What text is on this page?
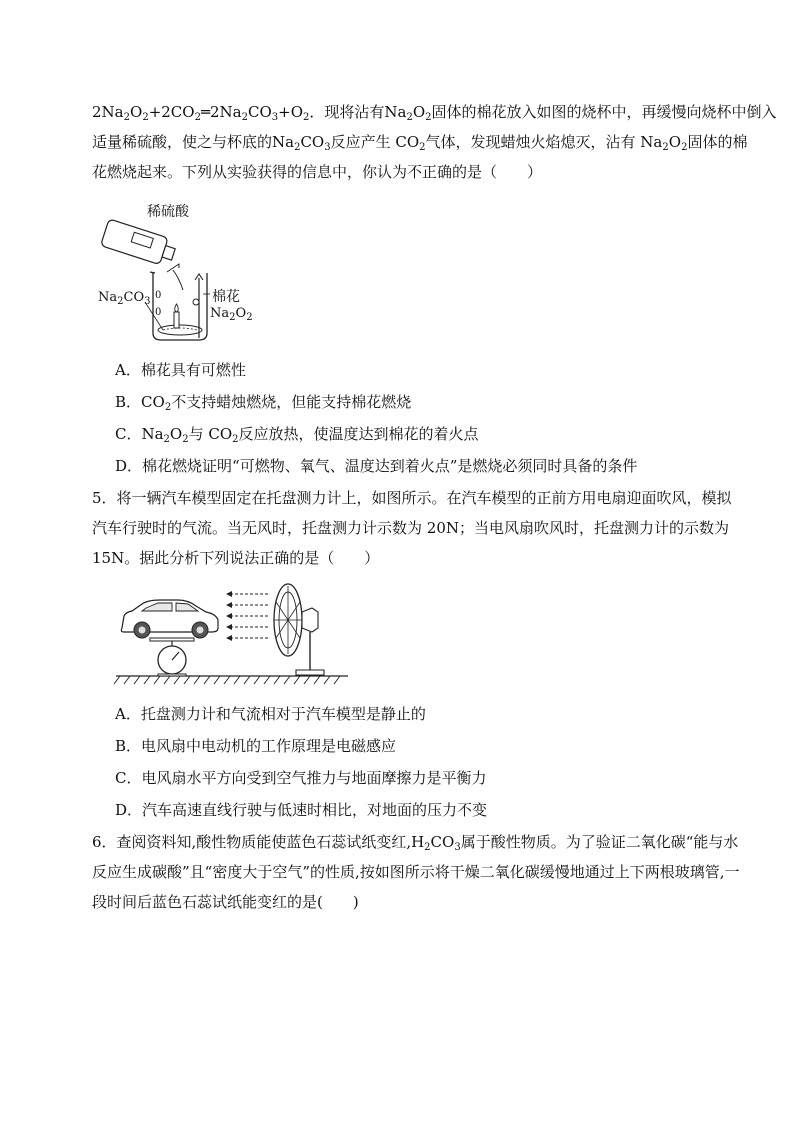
$2Na_2O_2+2CO_2═2Na_2CO_3+O_2$．现将沾有$Na_2O_2$固体的棉花放入如图的烧杯中，再缓慢向烧杯中倒入
适量稀硫酸，使之与杯底的$Na_2CO_3$反应产生 $CO_2$气体，发现蜡烛火焰熄灭，沾有 $Na_2O_2$固体的棉
花燃烧起来。下列从实验获得的信息中，你认为不正确的是（　　）
稀硫酸
0
0
$Na_2CO_3$	棉花
$Na_2O_2$
A．棉花具有可燃性
B．$CO_2$不支持蜡烛燃烧，但能支持棉花燃烧
C．$Na_2O_2$与 $CO_2$反应放热，使温度达到棉花的着火点
D．棉花燃烧证明“可燃物、氧气、温度达到着火点”是燃烧必须同时具备的条件
5．将一辆汽车模型固定在托盘测力计上，如图所示。在汽车模型的正前方用电扇迎面吹风，模拟
汽车行驶时的气流。当无风时，托盘测力计示数为 20N；当电风扇吹风时，托盘测力计的示数为
15N。据此分析下列说法正确的是（　　）
A．托盘测力计和气流相对于汽车模型是静止的
B．电风扇中电动机的工作原理是电磁感应
C．电风扇水平方向受到空气推力与地面摩擦力是平衡力
D．汽车高速直线行驶与低速时相比，对地面的压力不变
6．查阅资料知,酸性物质能使蓝色石蕊试纸变红$,H_2CO_3$属于酸性物质。为了验证二氧化碳“能与水
反应生成碳酸”且“密度大于空气”的性质,按如图所示将干燥二氧化碳缓慢地通过上下两根玻璃管,一
段时间后蓝色石蕊试纸能变红的是(　　)
